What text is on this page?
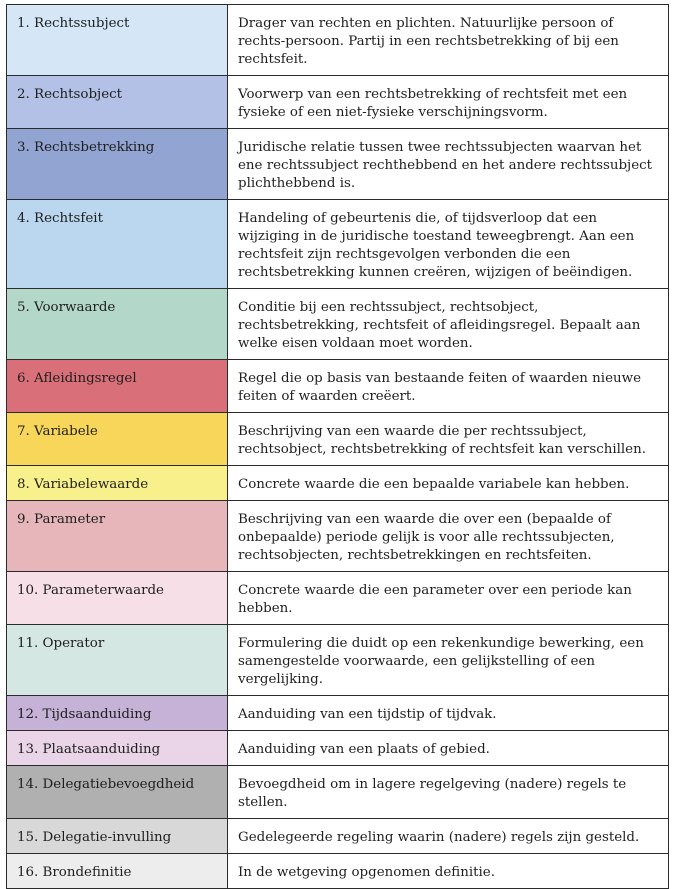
1. Rechtssubject	Drager van rechten en plichten. Natuurlijke persoon of rechts-persoon. Partij in een rechtsbetrekking of bij een rechtsfeit.
2. Rechtsobject	Voorwerp van een rechtsbetrekking of rechtsfeit met een fysieke of een niet-fysieke verschijningsvorm.
3. Rechtsbetrekking	Juridische relatie tussen twee rechtssubjecten waarvan het ene rechtssubject rechthebbend en het andere rechtssubject plichthebbend is.
4. Rechtsfeit	Handeling of gebeurtenis die, of tijdsverloop dat een wijziging in de juridische toestand teweegbrengt. Aan een rechtsfeit zijn rechtsgevolgen verbonden die een rechtsbetrekking kunnen creëren, wijzigen of beëindigen.
5. Voorwaarde	Conditie bij een rechtssubject, rechtsobject, rechtsbetrekking, rechtsfeit of afleidingsregel. Bepaalt aan welke eisen voldaan moet worden.
6. Afleidingsregel	Regel die op basis van bestaande feiten of waarden nieuwe feiten of waarden creëert.
7. Variabele	Beschrijving van een waarde die per rechtssubject, rechtsobject, rechtsbetrekking of rechtsfeit kan verschillen.
8. Variabelewaarde	Concrete waarde die een bepaalde variabele kan hebben.
9. Parameter	Beschrijving van een waarde die over een (bepaalde of onbepaalde) periode gelijk is voor alle rechtssubjecten, rechtsobjecten, rechtsbetrekkingen en rechtsfeiten.
10. Parameterwaarde	Concrete waarde die een parameter over een periode kan hebben.
11. Operator	Formulering die duidt op een rekenkundige bewerking, een samengestelde voorwaarde, een gelijkstelling of een vergelijking.
12. Tijdsaanduiding	Aanduiding van een tijdstip of tijdvak.
13. Plaatsaanduiding	Aanduiding van een plaats of gebied.
14. Delegatiebevoegdheid	Bevoegdheid om in lagere regelgeving (nadere) regels te stellen.
15. Delegatie-invulling	Gedelegeerde regeling waarin (nadere) regels zijn gesteld.
16. Brondefinitie	In de wetgeving opgenomen definitie.
